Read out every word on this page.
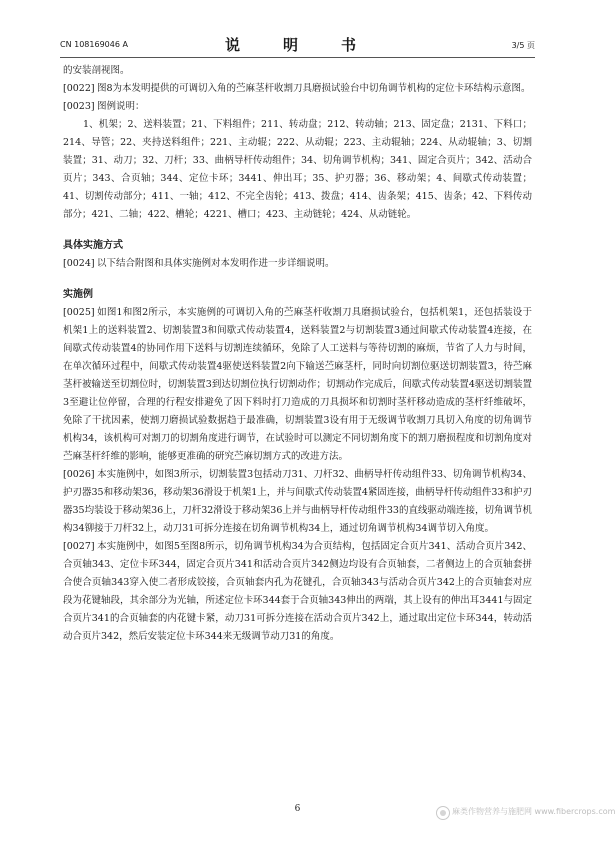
CN 108169046 A	说　明　书	3/5 页

的安装剖视图。

[0022] 图8为本发明提供的可调切入角的苎麻茎杆收割刀具磨损试验台中切角调节机构的定位卡环结构示意图。

[0023] 图例说明：

1、机架；2、送料装置；21、下料组件；211、转动盘；212、转动轴；213、固定盘；2131、下料口；214、导管；22、夹持送料组件；221、主动辊；222、从动辊；223、主动辊轴；224、从动辊轴；3、切割装置；31、动刀；32、刀杆；33、曲柄导杆传动组件；34、切角调节机构；341、固定合页片；342、活动合页片；343、合页轴；344、定位卡环；3441、伸出耳；35、护刃器；36、移动架；4、间歇式传动装置；41、切割传动部分；411、一轴；412、不完全齿轮；413、拨盘；414、齿条架；415、齿条；42、下料传动部分；421、二轴；422、槽轮；4221、槽口；423、主动链轮；424、从动链轮。

具体实施方式

[0024] 以下结合附图和具体实施例对本发明作进一步详细说明。

实施例

[0025] 如图1和图2所示，本实施例的可调切入角的苎麻茎杆收割刀具磨损试验台，包括机架1，还包括装设于机架1上的送料装置2、切割装置3和间歇式传动装置4，送料装置2与切割装置3通过间歇式传动装置4连接，在间歇式传动装置4的协同作用下送料与切割连续循环，免除了人工送料与等待切割的麻烦，节省了人力与时间，在单次循环过程中，间歇式传动装置4驱使送料装置2向下输送苎麻茎杆，同时向切割位驱送切割装置3，待苎麻茎杆被输送至切割位时，切割装置3到达切割位执行切割动作；切割动作完成后，间歇式传动装置4驱送切割装置3至避让位停留，合理的行程安排避免了因下料时打刀造成的刀具损坏和切割时茎杆移动造成的茎杆纤维破坏，免除了干扰因素，使割刀磨损试验数据趋于最准确，切割装置3设有用于无级调节收割刀具切入角度的切角调节机构34，该机构可对割刀的切割角度进行调节，在试验时可以测定不同切割角度下的割刀磨损程度和切割角度对苎麻茎杆纤维的影响，能够更准确的研究苎麻切割方式的改进方法。

[0026] 本实施例中，如图3所示，切割装置3包括动刀31、刀杆32、曲柄导杆传动组件33、切角调节机构34、护刃器35和移动架36，移动架36滑设于机架1上，并与间歇式传动装置4紧固连接，曲柄导杆传动组件33和护刃器35均装设于移动架36上，刀杆32滑设于移动架36上并与曲柄导杆传动组件33的直线驱动端连接，切角调节机构34铆接于刀杆32上，动刀31可拆分连接在切角调节机构34上，通过切角调节机构34调节切入角度。

[0027] 本实施例中，如图5至图8所示，切角调节机构34为合页结构，包括固定合页片341、活动合页片342、合页轴343、定位卡环344，固定合页片341和活动合页片342侧边均设有合页轴套，二者侧边上的合页轴套拼合使合页轴343穿入使二者形成铰接，合页轴套内孔为花键孔，合页轴343与活动合页片342上的合页轴套对应段为花键轴段，其余部分为光轴，所述定位卡环344套于合页轴343伸出的两端，其上设有的伸出耳3441与固定合页片341的合页轴套的内花键卡紧，动刀31可拆分连接在活动合页片342上，通过取出定位卡环344，转动活动合页片342，然后安装定位卡环344来无级调节动刀31的角度。

6	麻类作物营养与施肥网 www.fibercrops.com
